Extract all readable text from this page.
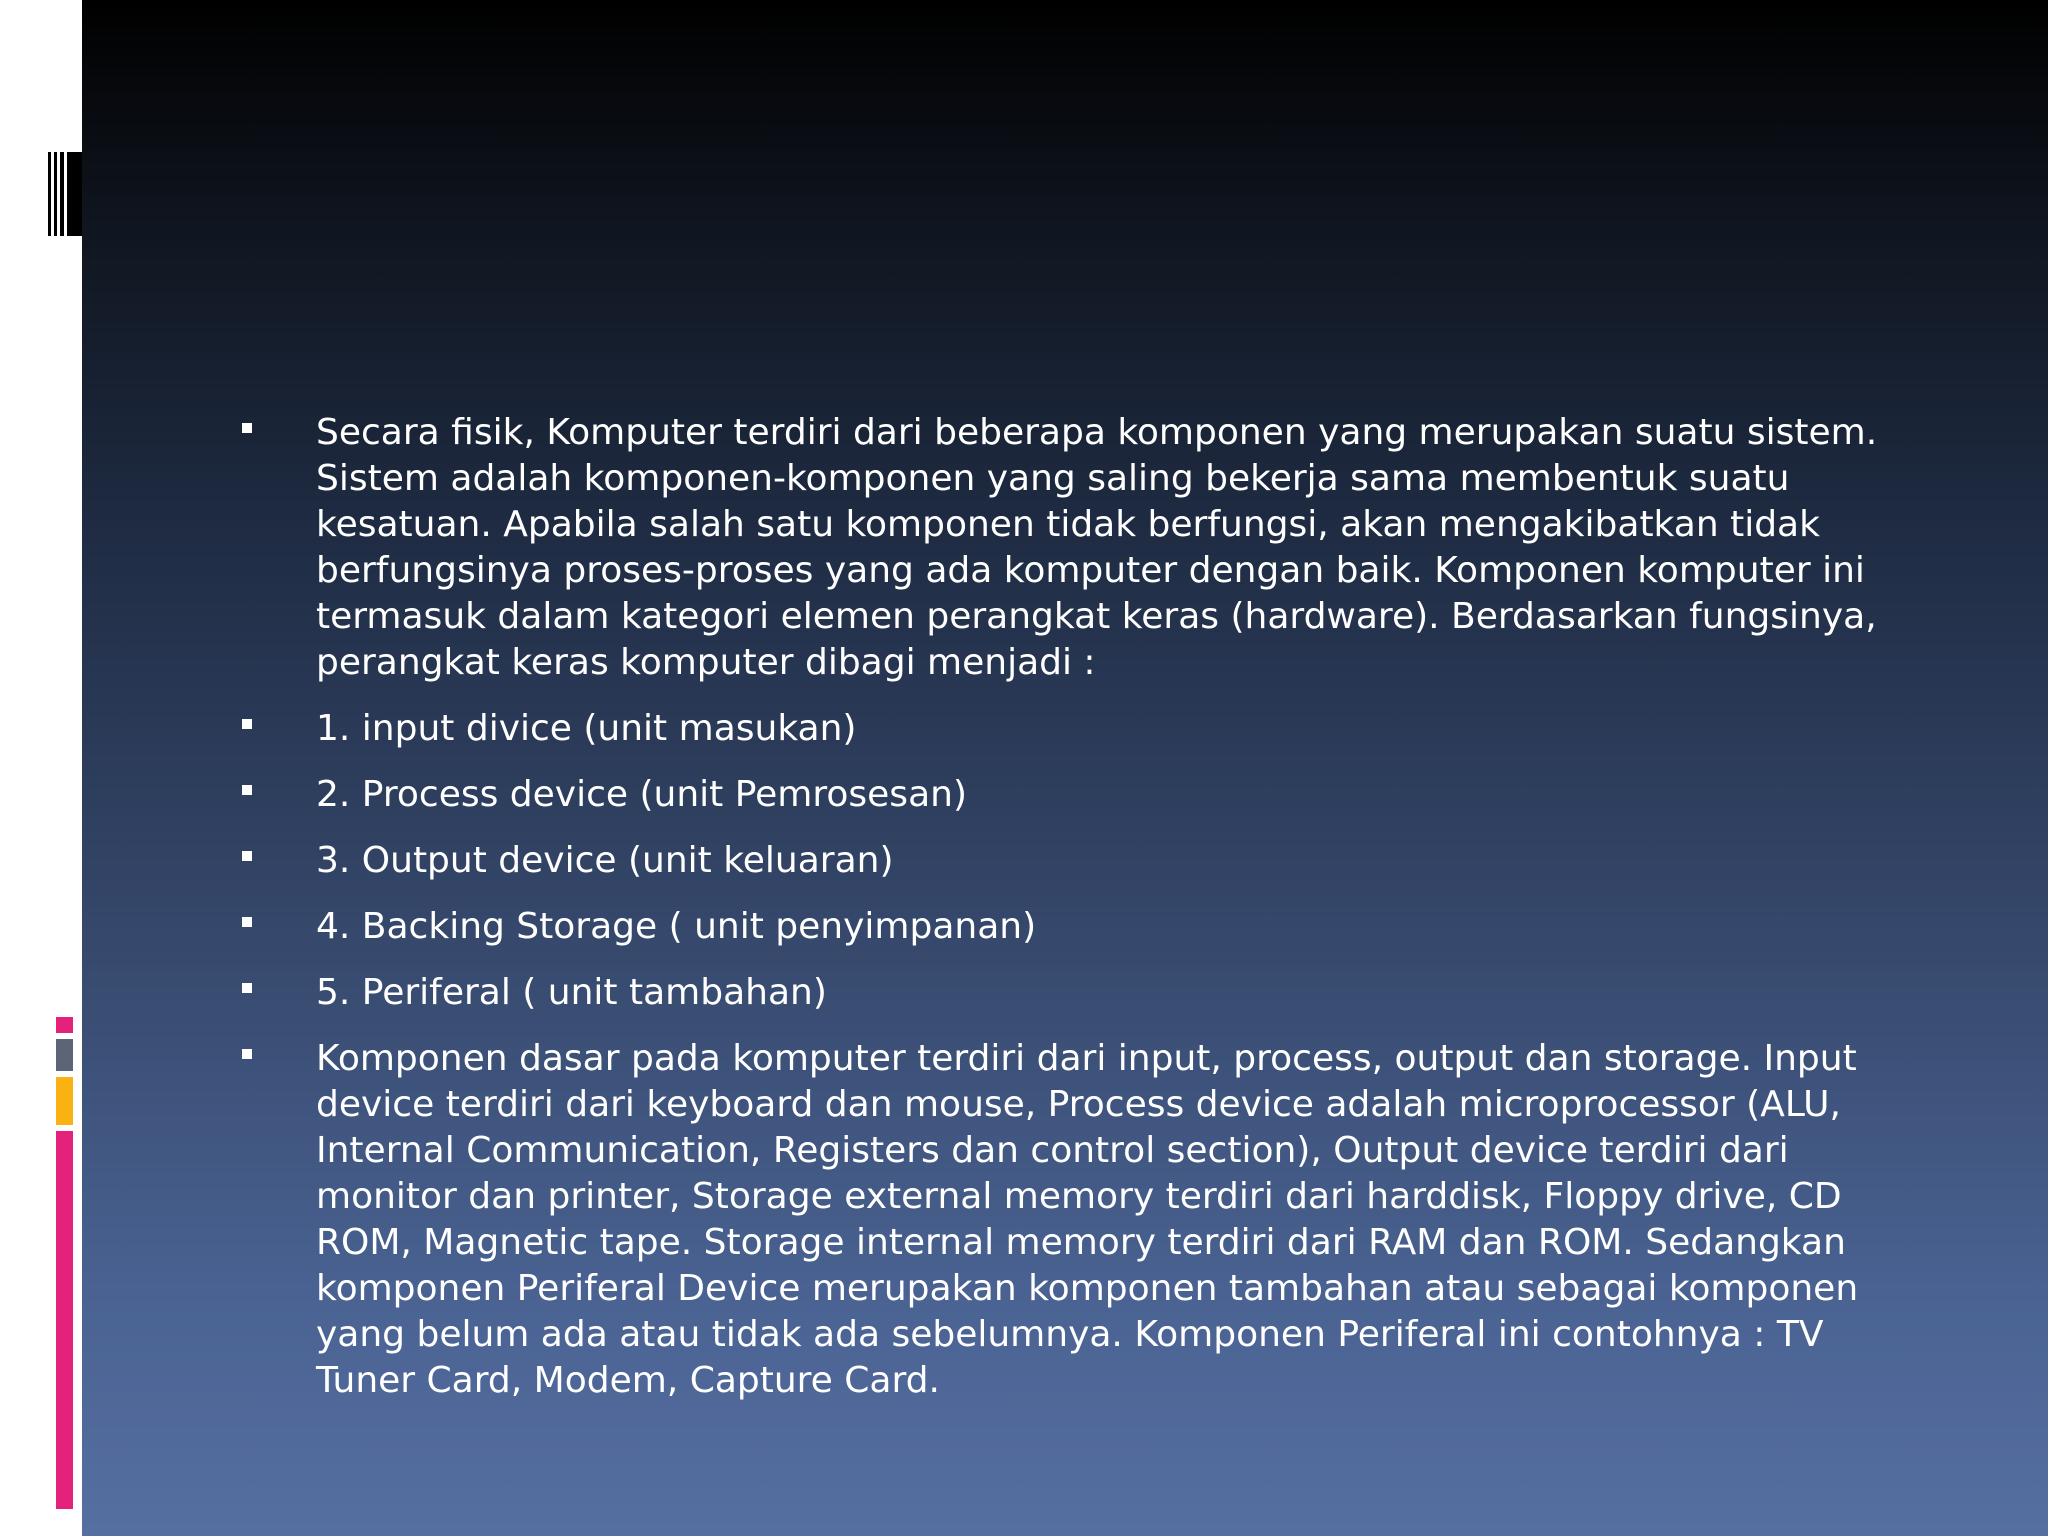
Secara fisik, Komputer terdiri dari beberapa komponen yang merupakan suatu sistem. Sistem adalah komponen-komponen yang saling bekerja sama membentuk suatu kesatuan. Apabila salah satu komponen tidak berfungsi, akan mengakibatkan tidak berfungsinya proses-proses yang ada komputer dengan baik. Komponen komputer ini termasuk dalam kategori elemen perangkat keras (hardware). Berdasarkan fungsinya, perangkat keras komputer dibagi menjadi :
1. input divice (unit masukan)
2. Process device (unit Pemrosesan)
3. Output device (unit keluaran)
4. Backing Storage ( unit penyimpanan)
5. Periferal ( unit tambahan)
Komponen dasar pada komputer terdiri dari input, process, output dan storage. Input device terdiri dari keyboard dan mouse, Process device adalah microprocessor (ALU, Internal Communication, Registers dan control section), Output device terdiri dari monitor dan printer, Storage external memory terdiri dari harddisk, Floppy drive, CD ROM, Magnetic tape. Storage internal memory terdiri dari RAM dan ROM. Sedangkan komponen Periferal Device merupakan komponen tambahan atau sebagai komponen yang belum ada atau tidak ada sebelumnya. Komponen Periferal ini contohnya : TV Tuner Card, Modem, Capture Card.
